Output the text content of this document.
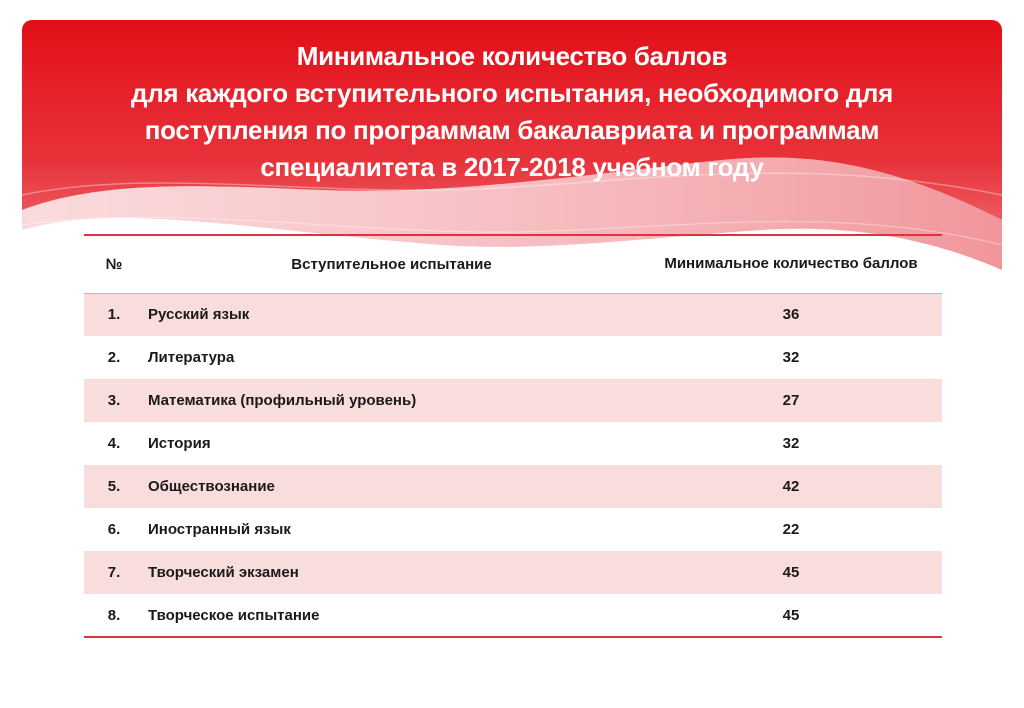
Минимальное количество баллов
для каждого вступительного испытания, необходимого для
поступления по программам бакалавриата и программам
специалитета в 2017-2018 учебном году
№	Вступительное испытание	Минимальное количество баллов
1.	Русский язык	36
2.	Литература	32
3.	Математика (профильный уровень)	27
4.	История	32
5.	Обществознание	42
6.	Иностранный язык	22
7.	Творческий экзамен	45
8.	Творческое испытание	45
